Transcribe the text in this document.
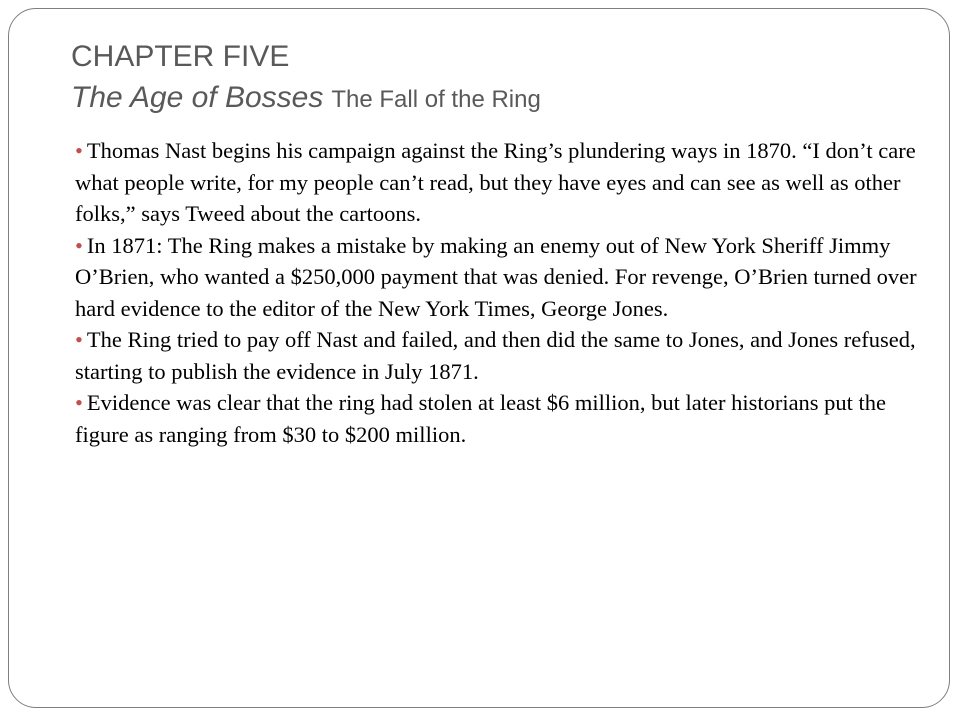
CHAPTER FIVE
The Age of Bosses The Fall of the Ring
• Thomas Nast begins his campaign against the Ring’s plundering ways in 1870. “I don’t care what people write, for my people can’t read, but they have eyes and can see as well as other folks,” says Tweed about the cartoons.
• In 1871: The Ring makes a mistake by making an enemy out of New York Sheriff Jimmy O’Brien, who wanted a $250,000 payment that was denied. For revenge, O’Brien turned over hard evidence to the editor of the New York Times, George Jones.
• The Ring tried to pay off Nast and failed, and then did the same to Jones, and Jones refused, starting to publish the evidence in July 1871.
• Evidence was clear that the ring had stolen at least $6 million, but later historians put the figure as ranging from $30 to $200 million.
